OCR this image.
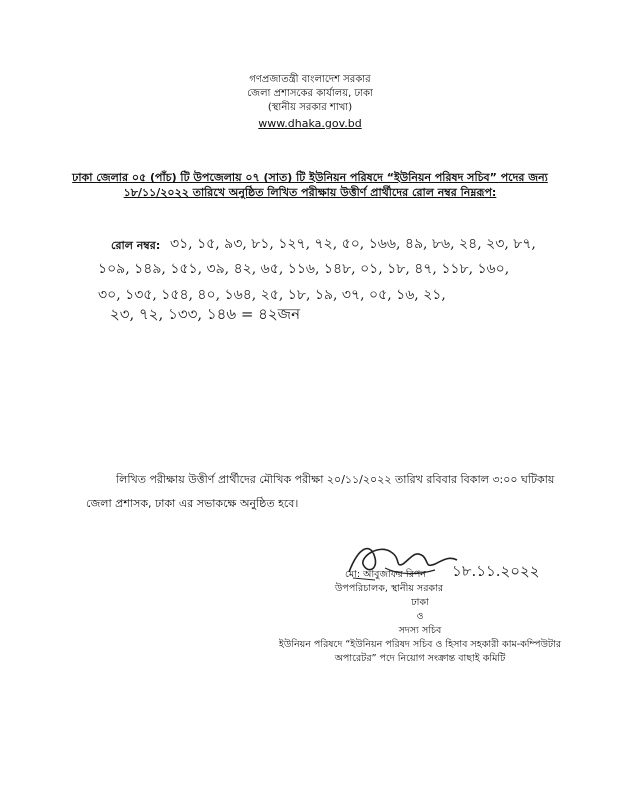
গণপ্রজাতন্ত্রী বাংলাদেশ সরকার
জেলা প্রশাসকের কার্যালয়, ঢাকা
(স্থানীয় সরকার শাখা)
www.dhaka.gov.bd
ঢাকা জেলার ০৫ (পাঁচ) টি উপজেলায় ০৭ (সাত) টি ইউনিয়ন পরিষদে “ইউনিয়ন পরিষদ সচিব” পদের জন্য
১৮/১১/২০২২ তারিখে অনুষ্ঠিত লিখিত পরীক্ষায় উত্তীর্ণ প্রার্থীদের রোল নম্বর নিম্নরূপ:
রোল নম্বর: ৩১, ১৫, ৯৩, ৮১, ১২৭, ৭২, ৫০, ১৬৬, ৪৯, ৮৬, ২৪, ২৩, ৮৭,
১০৯, ১৪৯, ১৫১, ৩৯, ৪২, ৬৫, ১১৬, ১৪৮, ০১, ১৮, ৪৭, ১১৮, ১৬০,
৩০, ১৩৫, ১৫৪, ৪০, ১৬৪, ২৫, ১৮, ১৯, ৩৭, ০৫, ১৬, ২১,
২৩, ৭২, ১৩৩, ১৪৬ = ৪২জন
লিখিত পরীক্ষায় উত্তীর্ণ প্রার্থীদের মৌখিক পরীক্ষা ২০/১১/২০২২ তারিখ রবিবার বিকাল ৩:০০ ঘটিকায়
জেলা প্রশাসক, ঢাকা এর সভাকক্ষে অনুষ্ঠিত হবে।
১৮.১১.২০২২
মো: আবুজাফর রিপন
উপপরিচালক, স্থানীয় সরকার
ঢাকা
ও
সদস্য সচিব
ইউনিয়ন পরিষদে “ইউনিয়ন পরিষদ সচিব ও হিসাব সহকারী কাম-কম্পিউটার
অপারেটর” পদে নিয়োগ সংক্রান্ত বাছাই কমিটি
